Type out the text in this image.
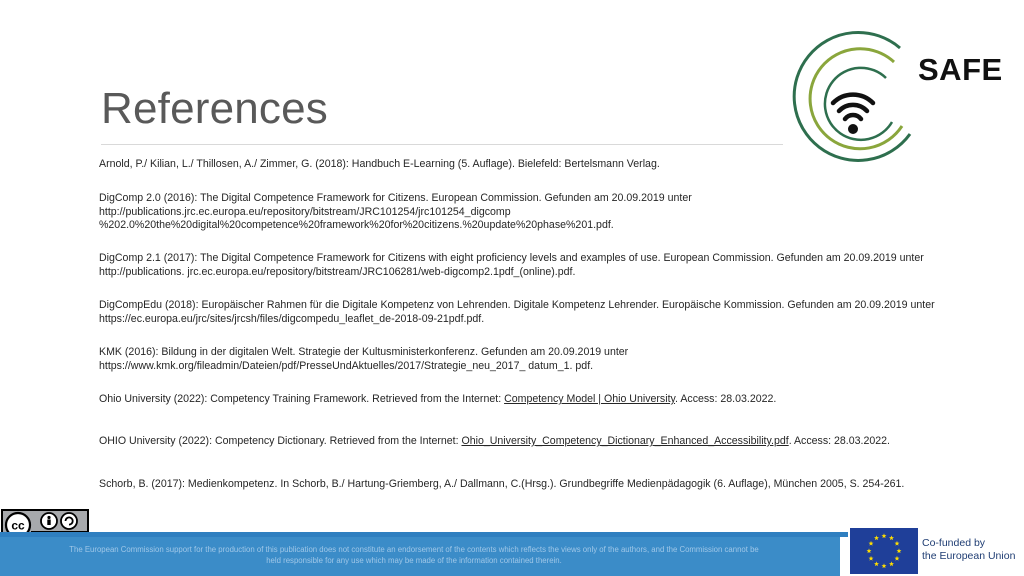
References
SAFE

Arnold, P./ Kilian, L./ Thillosen, A./ Zimmer, G. (2018): Handbuch E-Learning (5. Auflage). Bielefeld: Bertelsmann Verlag.

DigComp 2.0 (2016): The Digital Competence Framework for Citizens. European Commission. Gefunden am 20.09.2019 unter http://publications.jrc.ec.europa.eu/repository/bitstream/JRC101254/jrc101254_digcomp %202.0%20the%20digital%20competence%20framework%20for%20citizens.%20update%20phase%201.pdf.

DigComp 2.1 (2017): The Digital Competence Framework for Citizens with eight proficiency levels and examples of use. European Commission. Gefunden am 20.09.2019 unter http://publications. jrc.ec.europa.eu/repository/bitstream/JRC106281/web-digcomp2.1pdf_(online).pdf.

DigCompEdu (2018): Europäischer Rahmen für die Digitale Kompetenz von Lehrenden. Digitale Kompetenz Lehrender. Europäische Kommission. Gefunden am 20.09.2019 unter https://ec.europa.eu/jrc/sites/jrcsh/files/digcompedu_leaflet_de-2018-09-21pdf.pdf.

KMK (2016): Bildung in der digitalen Welt. Strategie der Kultusministerkonferenz. Gefunden am 20.09.2019 unter https://www.kmk.org/fileadmin/Dateien/pdf/PresseUndAktuelles/2017/Strategie_neu_2017_ datum_1. pdf.

Ohio University (2022): Competency Training Framework. Retrieved from the Internet: Competency Model | Ohio University. Access: 28.03.2022.

OHIO University (2022): Competency Dictionary. Retrieved from the Internet: Ohio_University_Competency_Dictionary_Enhanced_Accessibility.pdf. Access: 28.03.2022.

Schorb, B. (2017): Medienkompetenz. In Schorb, B./ Hartung-Griemberg, A./ Dallmann, C.(Hrsg.). Grundbegriffe Medienpädagogik (6. Auflage), München 2005, S. 254-261.

cc
The European Commission support for the production of this publication does not constitute an endorsement of the contents which reflects the views only of the authors, and the Commission cannot be
held responsible for any use which may be made of the information contained therein.
Co-funded by
the European Union
